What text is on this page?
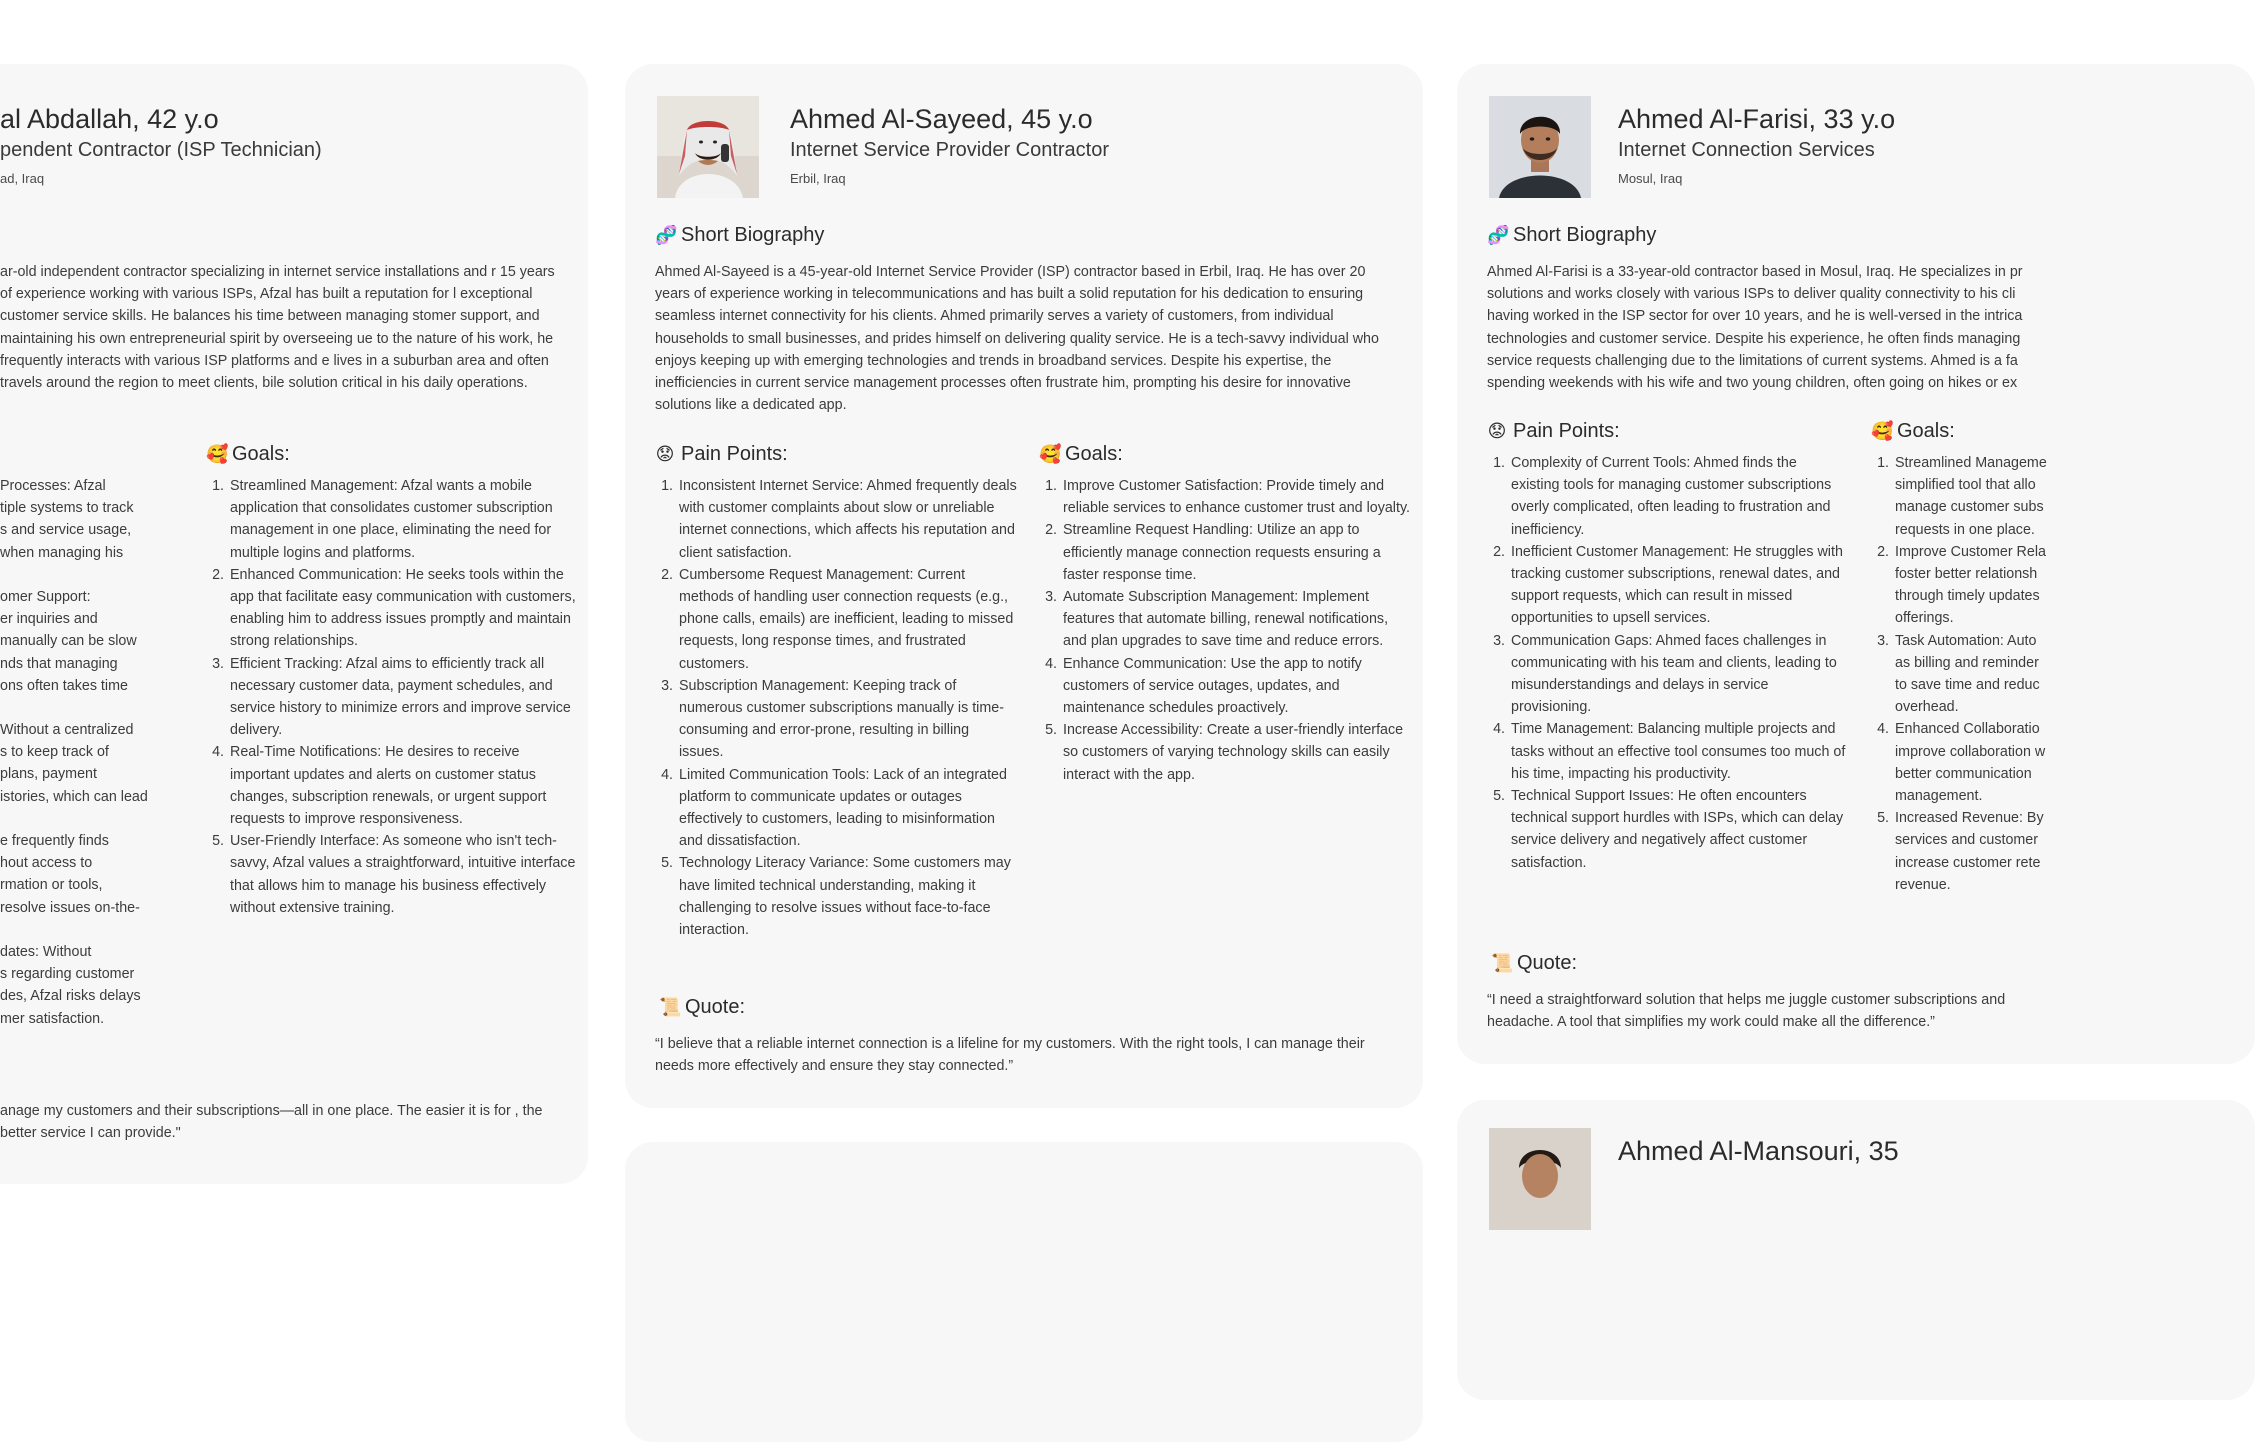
al Abdallah, 42 y.o
pendent Contractor (ISP Technician)
ad, Iraq
ar-old independent contractor specializing in internet service installations and r 15 years of experience working with various ISPs, Afzal has built a reputation for l exceptional customer service skills. He balances his time between managing stomer support, and maintaining his own entrepreneurial spirit by overseeing ue to the nature of his work, he frequently interacts with various ISP platforms and e lives in a suburban area and often travels around the region to meet clients, bile solution critical in his daily operations.
Processes: Afzal
tiple systems to track
s and service usage,
when managing his
omer Support:
er inquiries and
manually can be slow
nds that managing
ons often takes time
Without a centralized
s to keep track of
plans, payment
istories, which can lead
e frequently finds
hout access to
rmation or tools,
resolve issues on-the-
dates: Without
s regarding customer
des, Afzal risks delays
mer satisfaction.
🥰 Goals:
1. Streamlined Management: Afzal wants a mobile application that consolidates customer subscription management in one place, eliminating the need for multiple logins and platforms.
2. Enhanced Communication: He seeks tools within the app that facilitate easy communication with customers, enabling him to address issues promptly and maintain strong relationships.
3. Efficient Tracking: Afzal aims to efficiently track all necessary customer data, payment schedules, and service history to minimize errors and improve service delivery.
4. Real-Time Notifications: He desires to receive important updates and alerts on customer status changes, subscription renewals, or urgent support requests to improve responsiveness.
5. User-Friendly Interface: As someone who isn't tech-savvy, Afzal values a straightforward, intuitive interface that allows him to manage his business effectively without extensive training.
anage my customers and their subscriptions—all in one place. The easier it is for , the better service I can provide."
Ahmed Al-Sayeed, 45 y.o
Internet Service Provider Contractor
Erbil, Iraq
🧬 Short Biography
Ahmed Al-Sayeed is a 45-year-old Internet Service Provider (ISP) contractor based in Erbil, Iraq. He has over 20 years of experience working in telecommunications and has built a solid reputation for his dedication to ensuring seamless internet connectivity for his clients. Ahmed primarily serves a variety of customers, from individual households to small businesses, and prides himself on delivering quality service. He is a tech-savvy individual who enjoys keeping up with emerging technologies and trends in broadband services. Despite his expertise, the inefficiencies in current service management processes often frustrate him, prompting his desire for innovative solutions like a dedicated app.
😟 Pain Points:
1. Inconsistent Internet Service: Ahmed frequently deals with customer complaints about slow or unreliable internet connections, which affects his reputation and client satisfaction.
2. Cumbersome Request Management: Current methods of handling user connection requests (e.g., phone calls, emails) are inefficient, leading to missed requests, long response times, and frustrated customers.
3. Subscription Management: Keeping track of numerous customer subscriptions manually is time-consuming and error-prone, resulting in billing issues.
4. Limited Communication Tools: Lack of an integrated platform to communicate updates or outages effectively to customers, leading to misinformation and dissatisfaction.
5. Technology Literacy Variance: Some customers may have limited technical understanding, making it challenging to resolve issues without face-to-face interaction.
🥰 Goals:
1. Improve Customer Satisfaction: Provide timely and reliable services to enhance customer trust and loyalty.
2. Streamline Request Handling: Utilize an app to efficiently manage connection requests ensuring a faster response time.
3. Automate Subscription Management: Implement features that automate billing, renewal notifications, and plan upgrades to save time and reduce errors.
4. Enhance Communication: Use the app to notify customers of service outages, updates, and maintenance schedules proactively.
5. Increase Accessibility: Create a user-friendly interface so customers of varying technology skills can easily interact with the app.
📜 Quote:
“I believe that a reliable internet connection is a lifeline for my customers. With the right tools, I can manage their needs more effectively and ensure they stay connected.”
Ahmed Al-Farisi, 33 y.o
Internet Connection Services
Mosul, Iraq
🧬 Short Biography
Ahmed Al-Farisi is a 33-year-old contractor based in Mosul, Iraq. He specializes in pr solutions and works closely with various ISPs to deliver quality connectivity to his cli having worked in the ISP sector for over 10 years, and he is well-versed in the intrica technologies and customer service. Despite his experience, he often finds managing service requests challenging due to the limitations of current systems. Ahmed is a fa spending weekends with his wife and two young children, often going on hikes or ex
😟 Pain Points:
1. Complexity of Current Tools: Ahmed finds the existing tools for managing customer subscriptions overly complicated, often leading to frustration and inefficiency.
2. Inefficient Customer Management: He struggles with tracking customer subscriptions, renewal dates, and support requests, which can result in missed opportunities to upsell services.
3. Communication Gaps: Ahmed faces challenges in communicating with his team and clients, leading to misunderstandings and delays in service provisioning.
4. Time Management: Balancing multiple projects and tasks without an effective tool consumes too much of his time, impacting his productivity.
5. Technical Support Issues: He often encounters technical support hurdles with ISPs, which can delay service delivery and negatively affect customer satisfaction.
🥰 Goals:
1. Streamlined Manageme simplified tool that allo manage customer subs requests in one place.
2. Improve Customer Rela foster better relationsh through timely updates offerings.
3. Task Automation: Auto as billing and reminder to save time and reduc overhead.
4. Enhanced Collaboratio improve collaboration w better communication management.
5. Increased Revenue: By services and customer increase customer rete revenue.
📜 Quote:
“I need a straightforward solution that helps me juggle customer subscriptions and headache. A tool that simplifies my work could make all the difference.”
Ahmed Al-Mansouri, 35
